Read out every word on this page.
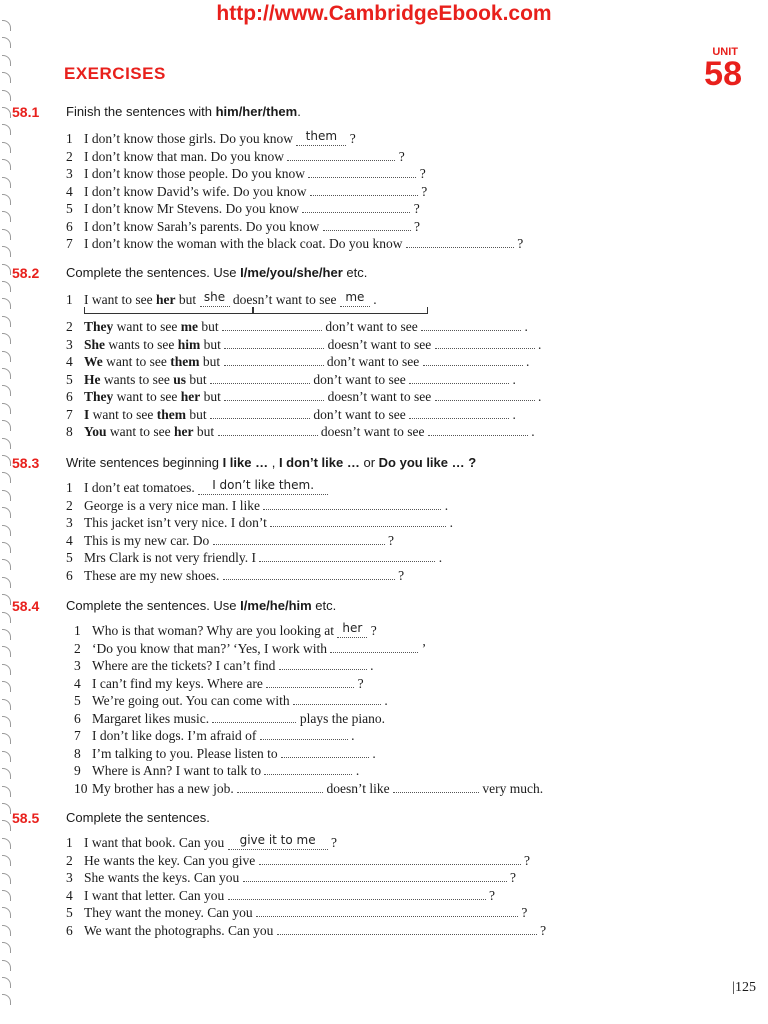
http://www.CambridgeEbook.com
EXERCISES
UNIT
58
58.1 Finish the sentences with him/her/them.
1 I don’t know those girls. Do you know them ?
2 I don’t know that man. Do you know	?
3 I don’t know those people. Do you know	?
4 I don’t know David’s wife. Do you know	?
5 I don’t know Mr Stevens. Do you know	?
6 I don’t know Sarah’s parents. Do you know	?
7 I don’t know the woman with the black coat. Do you know	?
58.2 Complete the sentences. Use I/me/you/she/her etc.
1 I want to see her but she doesn’t want to see me .
2 They want to see me but	don’t want to see	.
3 She wants to see him but	doesn’t want to see	.
4 We want to see them but	don’t want to see	.
5 He wants to see us but	don’t want to see	.
6 They want to see her but	doesn’t want to see	.
7 I want to see them but	don’t want to see	.
8 You want to see her but	doesn’t want to see	.
58.3 Write sentences beginning I like … , I don’t like … or Do you like … ?
1 I don’t eat tomatoes. I don’t like them.
2 George is a very nice man. I like	.
3 This jacket isn’t very nice. I don’t	.
4 This is my new car. Do	?
5 Mrs Clark is not very friendly. I	.
6 These are my new shoes.	?
58.4 Complete the sentences. Use I/me/he/him etc.
1 Who is that woman? Why are you looking at her ?
2 ‘Do you know that man?’ ‘Yes, I work with	’
3 Where are the tickets? I can’t find	.
4 I can’t find my keys. Where are	?
5 We’re going out. You can come with	.
6 Margaret likes music.	plays the piano.
7 I don’t like dogs. I’m afraid of	.
8 I’m talking to you. Please listen to	.
9 Where is Ann? I want to talk to	.
10 My brother has a new job.	doesn’t like	very much.
58.5 Complete the sentences.
1 I want that book. Can you give it to me ?
2 He wants the key. Can you give	?
3 She wants the keys. Can you	?
4 I want that letter. Can you	?
5 They want the money. Can you	?
6 We want the photographs. Can you	?
|125
